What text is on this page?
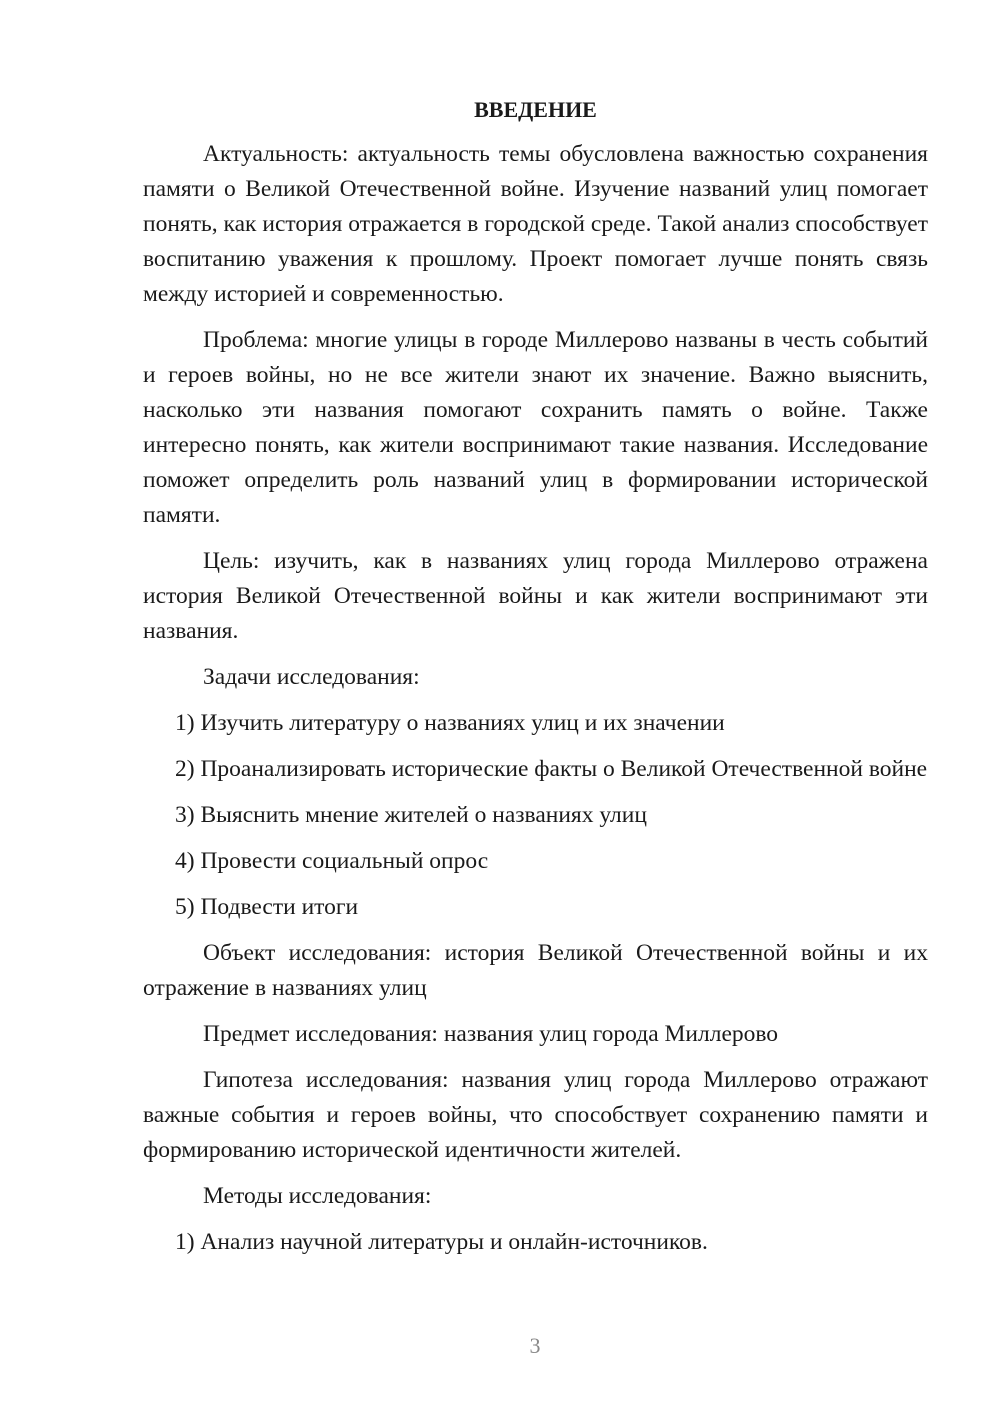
ВВЕДЕНИЕ

Актуальность: актуальность темы обусловлена важностью сохранения памяти о Великой Отечественной войне. Изучение названий улиц помогает понять, как история отражается в городской среде. Такой анализ способствует воспитанию уважения к прошлому. Проект помогает лучше понять связь между историей и современностью.

Проблема: многие улицы в городе Миллерово названы в честь событий и героев войны, но не все жители знают их значение. Важно выяснить, насколько эти названия помогают сохранить память о войне. Также интересно понять, как жители воспринимают такие названия. Исследование поможет определить роль названий улиц в формировании исторической памяти.

Цель: изучить, как в названиях улиц города Миллерово отражена история Великой Отечественной войны и как жители воспринимают эти названия.

Задачи исследования:

1) Изучить литературу о названиях улиц и их значении

2) Проанализировать исторические факты о Великой Отечественной войне

3) Выяснить мнение жителей о названиях улиц

4) Провести социальный опрос

5) Подвести итоги

Объект исследования: история Великой Отечественной войны и их отражение в названиях улиц

Предмет исследования: названия улиц города Миллерово

Гипотеза исследования: названия улиц города Миллерово отражают важные события и героев войны, что способствует сохранению памяти и формированию исторической идентичности жителей.

Методы исследования:

1) Анализ научной литературы и онлайн-источников.

3
